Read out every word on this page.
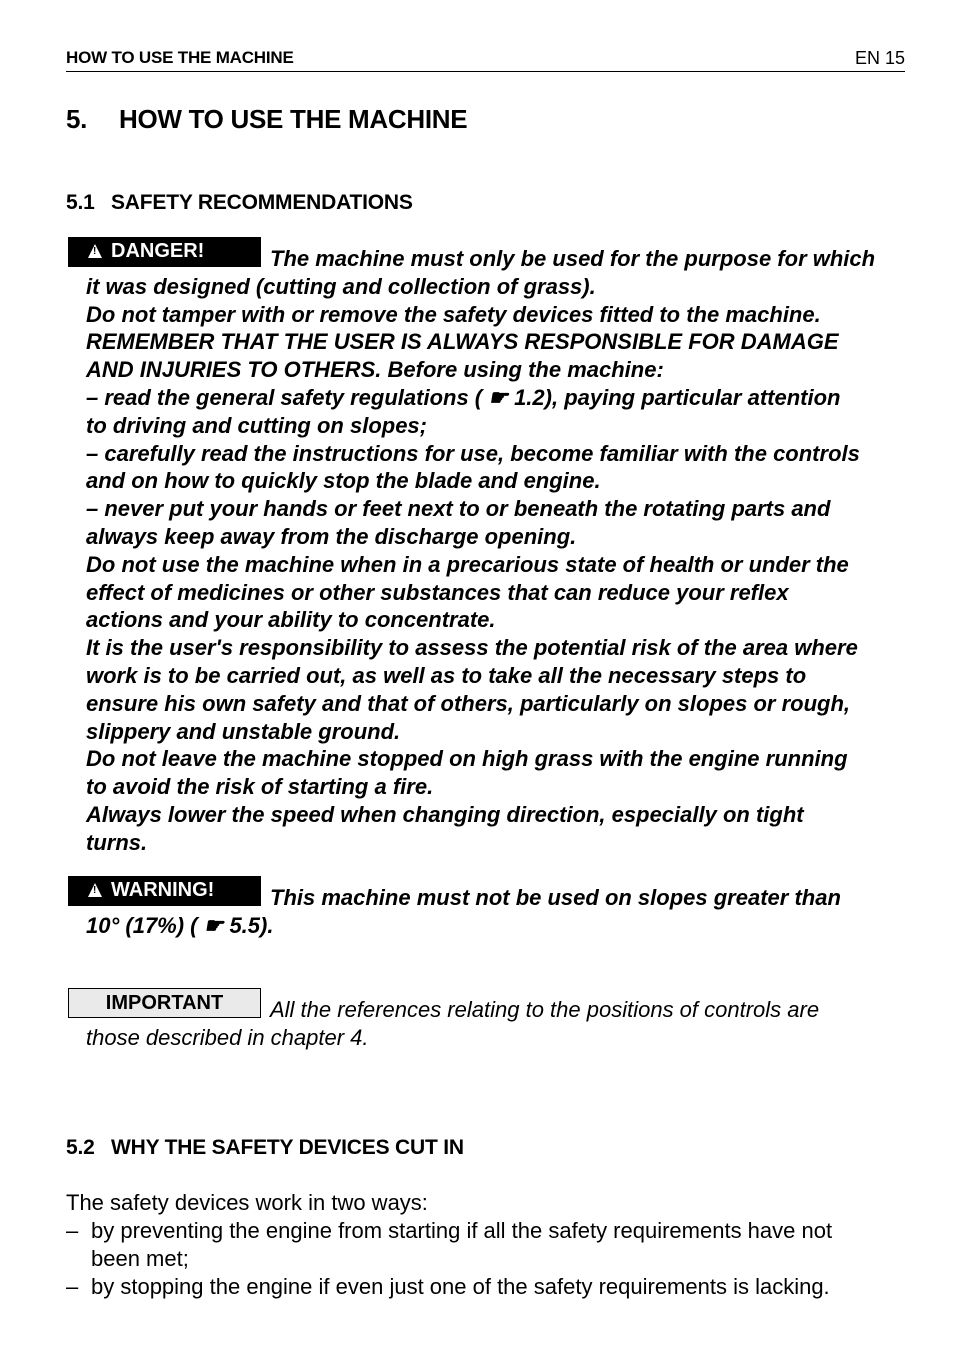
HOW TO USE THE MACHINE	EN 15
5. HOW TO USE THE MACHINE
5.1 SAFETY RECOMMENDATIONS
!DANGER!	The machine must only be used for the purpose for which
it was designed (cutting and collection of grass).
Do not tamper with or remove the safety devices fitted to the machine.
REMEMBER THAT THE USER IS ALWAYS RESPONSIBLE FOR DAMAGE
AND INJURIES TO OTHERS. Before using the machine:
– read the general safety regulations ( ☛ 1.2), paying particular attention
to driving and cutting on slopes;
– carefully read the instructions for use, become familiar with the controls
and on how to quickly stop the blade and engine.
– never put your hands or feet next to or beneath the rotating parts and
always keep away from the discharge opening.
Do not use the machine when in a precarious state of health or under the
effect of medicines or other substances that can reduce your reflex
actions and your ability to concentrate.
It is the user's responsibility to assess the potential risk of the area where
work is to be carried out, as well as to take all the necessary steps to
ensure his own safety and that of others, particularly on slopes or rough,
slippery and unstable ground.
Do not leave the machine stopped on high grass with the engine running
to avoid the risk of starting a fire.
Always lower the speed when changing direction, especially on tight
turns.
!WARNING!	This machine must not be used on slopes greater than
10° (17%) ( ☛ 5.5).
IMPORTANT	All the references relating to the positions of controls are
those described in chapter 4.
5.2 WHY THE SAFETY DEVICES CUT IN
The safety devices work in two ways:
– by preventing the engine from starting if all the safety requirements have not
been met;
– by stopping the engine if even just one of the safety requirements is lacking.
